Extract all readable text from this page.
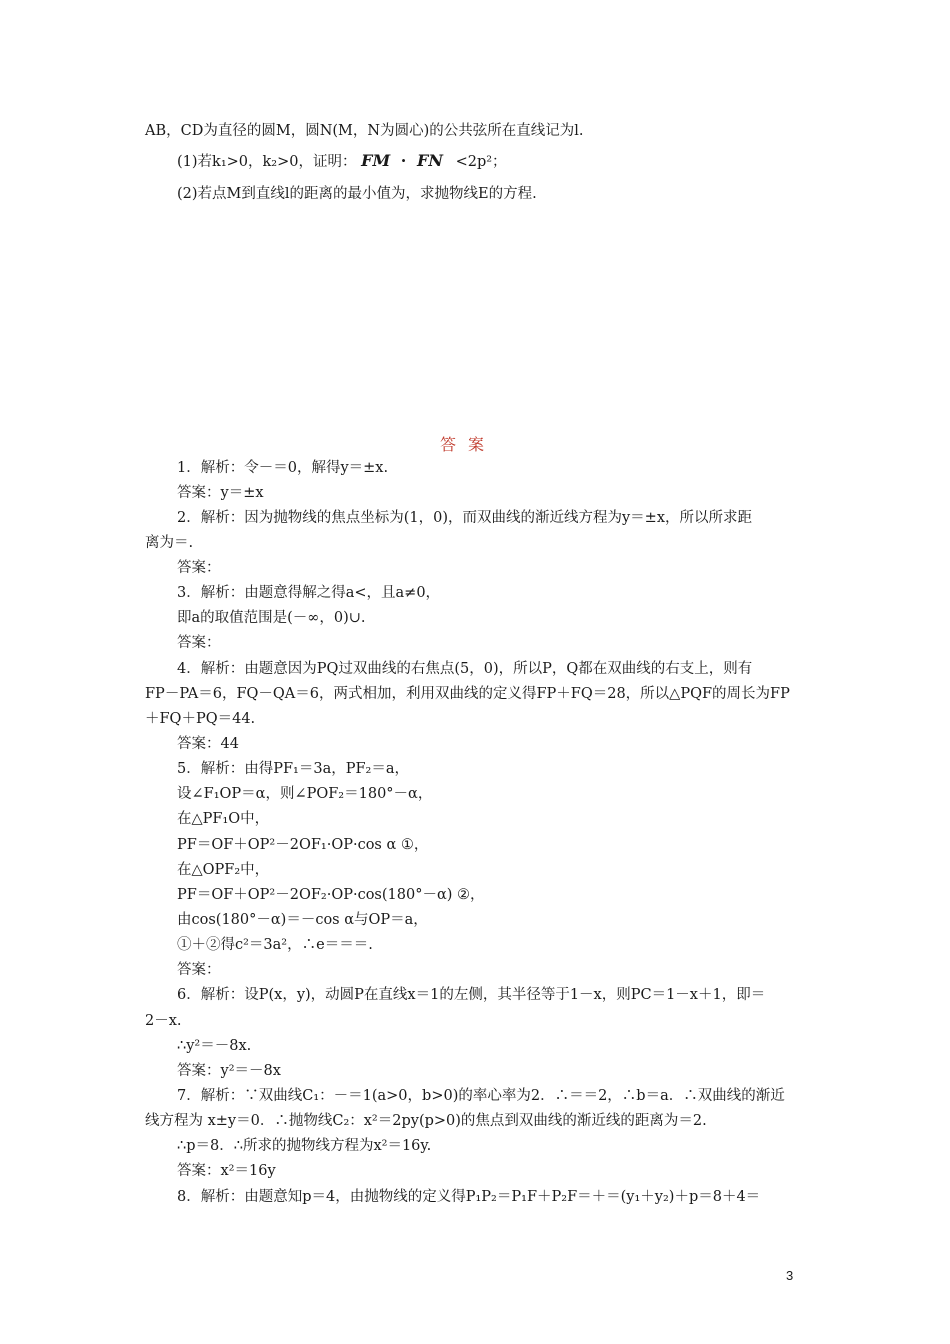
AB，CD为直径的圆M，圆N(M，N为圆心)的公共弦所在直线记为l.
(1)若k₁>0，k₂>0，证明： FM · FN <2p²；
(2)若点M到直线l的距离的最小值为，求抛物线E的方程.
答案
1．解析：令－＝0，解得y＝±x.
答案：y＝±x
2．解析：因为抛物线的焦点坐标为(1，0)，而双曲线的渐近线方程为y＝±x，所以所求距
离为＝.
答案：
3．解析：由题意得解之得a<，且a≠0，
即a的取值范围是(－∞，0)∪.
答案：
4．解析：由题意因为PQ过双曲线的右焦点(5，0)，所以P，Q都在双曲线的右支上，则有
FP－PA＝6，FQ－QA＝6，两式相加，利用双曲线的定义得FP＋FQ＝28，所以△PQF的周长为FP
＋FQ＋PQ＝44.
答案：44
5．解析：由得PF₁＝3a，PF₂＝a，
设∠F₁OP＝α，则∠POF₂＝180°－α，
在△PF₁O中，
PF＝OF＋OP²－2OF₁·OP·cos α ①，
在△OPF₂中，
PF＝OF＋OP²－2OF₂·OP·cos(180°－α) ②，
由cos(180°－α)＝－cos α与OP＝a，
①＋②得c²＝3a²，∴e＝＝＝.
答案：
6．解析：设P(x，y)，动圆P在直线x＝1的左侧，其半径等于1－x，则PC＝1－x＋1，即＝
2－x.
∴y²＝－8x.
答案：y²＝－8x
7．解析：∵双曲线C₁：－＝1(a>0，b>0)的率心率为2．∴＝＝2，∴b＝a．∴双曲线的渐近
线方程为 x±y＝0．∴抛物线C₂：x²＝2py(p>0)的焦点到双曲线的渐近线的距离为＝2.
∴p＝8．∴所求的抛物线方程为x²＝16y.
答案：x²＝16y
8．解析：由题意知p＝4，由抛物线的定义得P₁P₂＝P₁F＋P₂F＝＋＝(y₁＋y₂)＋p＝8＋4＝
3
